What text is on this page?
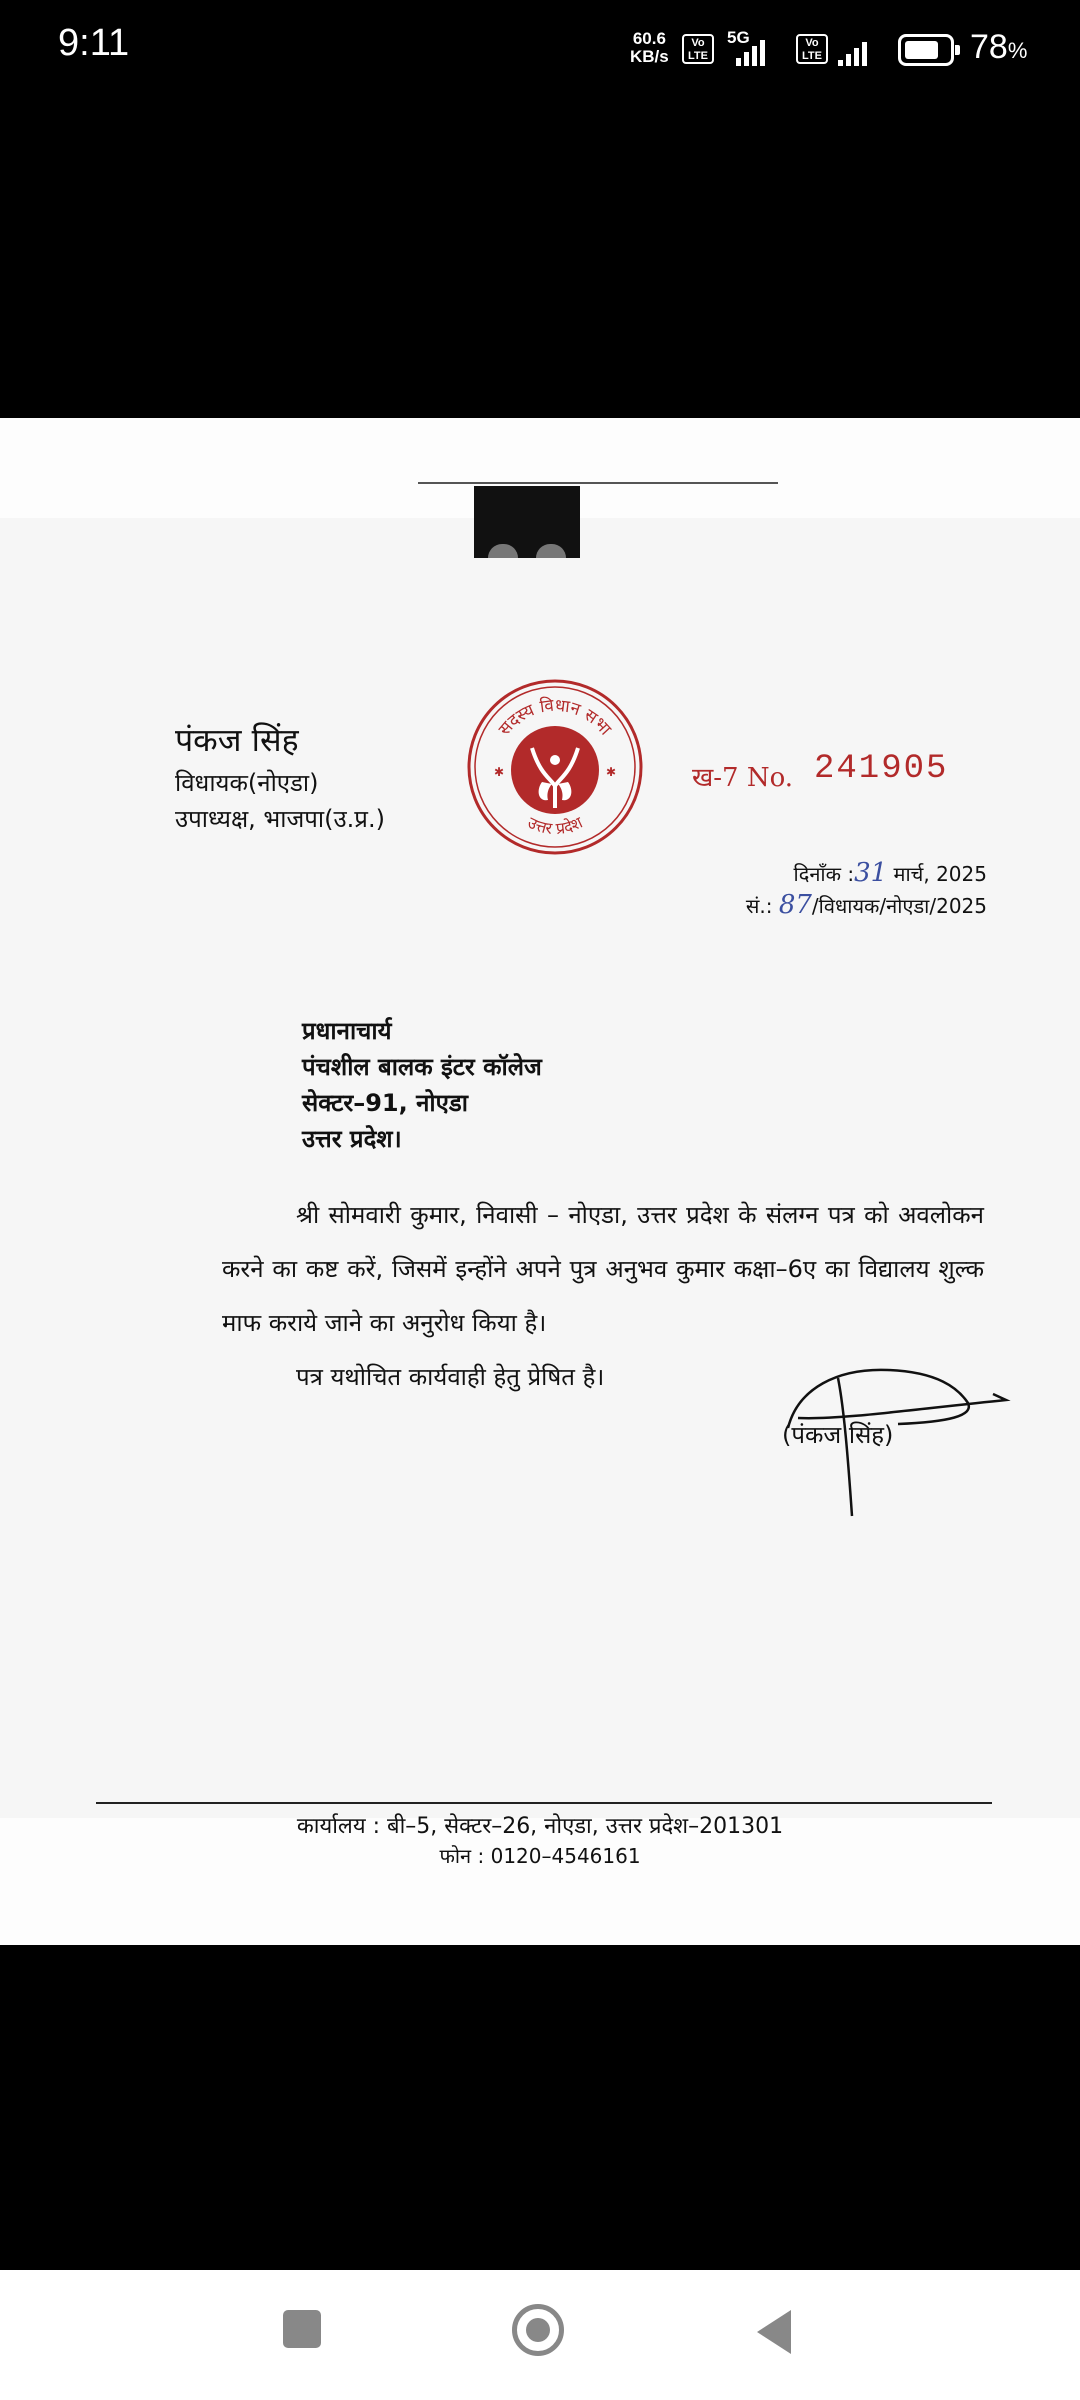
9:11	60.6
KB/s
Vo
LTE
5G	Vo
LTE	78%
पंकज सिंह
विधायक(नोएडा)
उपाध्यक्ष, भाजपा(उ.प्र.)
✱	✱
सदस्य विधान सभा
उत्तर प्रदेश
ख-7 No. 241905
दिनाँक :31 मार्च, 2025
सं.: 87/विधायक/नोएडा/2025
प्रधानाचार्य
पंचशील बालक इंटर कॉलेज
सेक्टर–91, नोएडा
उत्तर प्रदेश।

श्री सोमवारी कुमार, निवासी – नोएडा, उत्तर प्रदेश के संलग्न पत्र को अवलोकन करने का कष्ट करें, जिसमें इन्होंने अपने पुत्र अनुभव कुमार कक्षा–6ए का विद्यालय शुल्क माफ कराये जाने का अनुरोध किया है।

पत्र यथोचित कार्यवाही हेतु प्रेषित है।

(पंकज सिंह)
कार्यालय : बी–5, सेक्टर–26, नोएडा, उत्तर प्रदेश–201301
फोन : 0120–4546161
